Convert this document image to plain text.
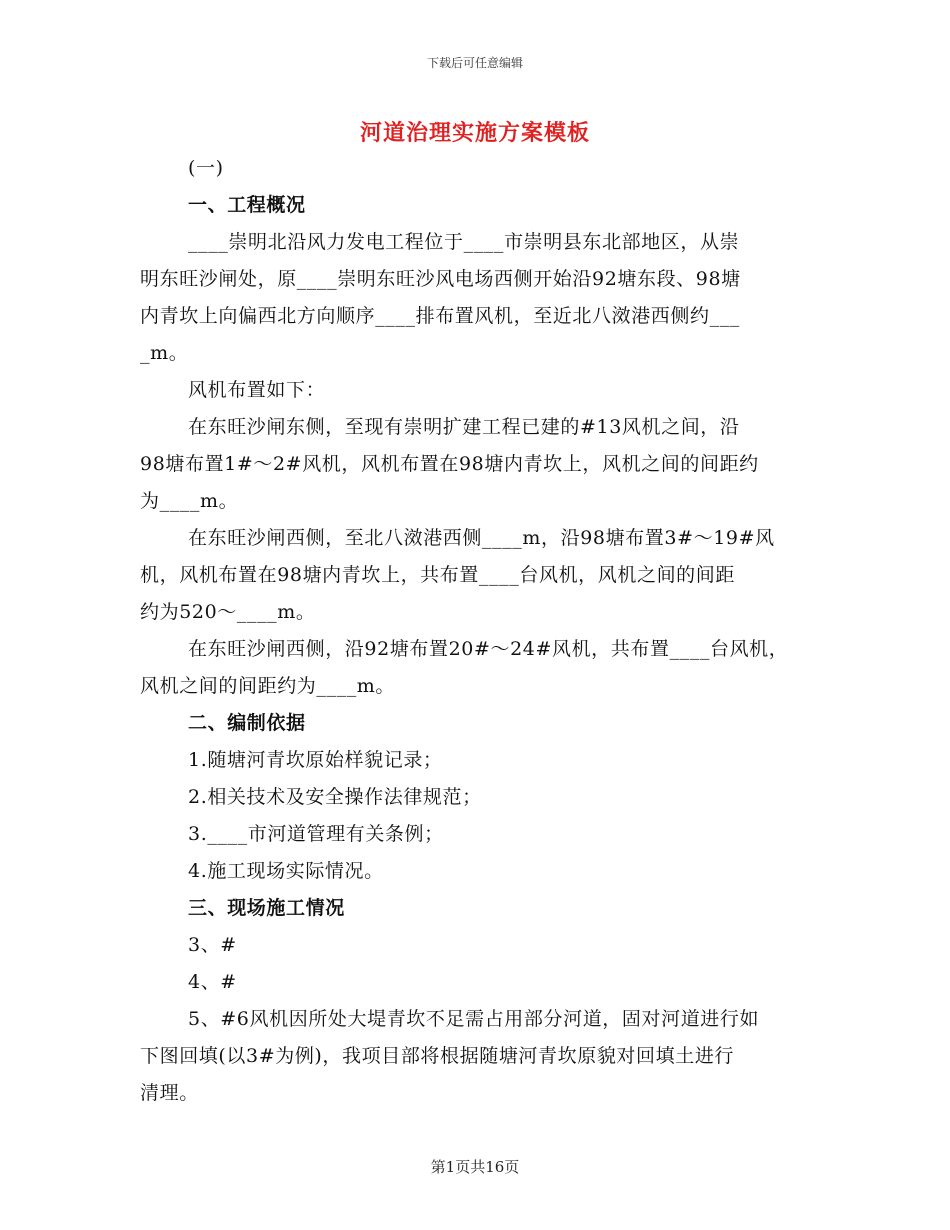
下载后可任意编辑
河道治理实施方案模板
(一)
一、工程概况
____崇明北沿风力发电工程位于____市崇明县东北部地区，从崇
明东旺沙闸处，原____崇明东旺沙风电场西侧开始沿92塘东段、98塘
内青坎上向偏西北方向顺序____排布置风机，至近北八滧港西侧约___
_m。
风机布置如下：
在东旺沙闸东侧，至现有崇明扩建工程已建的#13风机之间，沿
98塘布置1#～2#风机，风机布置在98塘内青坎上，风机之间的间距约
为____m。
在东旺沙闸西侧，至北八滧港西侧____m，沿98塘布置3#～19#风
机，风机布置在98塘内青坎上，共布置____台风机，风机之间的间距
约为520～____m。
在东旺沙闸西侧，沿92塘布置20#～24#风机，共布置____台风机，
风机之间的间距约为____m。
二、编制依据
1.随塘河青坎原始样貌记录；
2.相关技术及安全操作法律规范；
3.____市河道管理有关条例；
4.施工现场实际情况。
三、现场施工情况
3、#
4、#
5、#6风机因所处大堤青坎不足需占用部分河道，固对河道进行如
下图回填(以3#为例)，我项目部将根据随塘河青坎原貌对回填土进行
清理。
第1页共16页
